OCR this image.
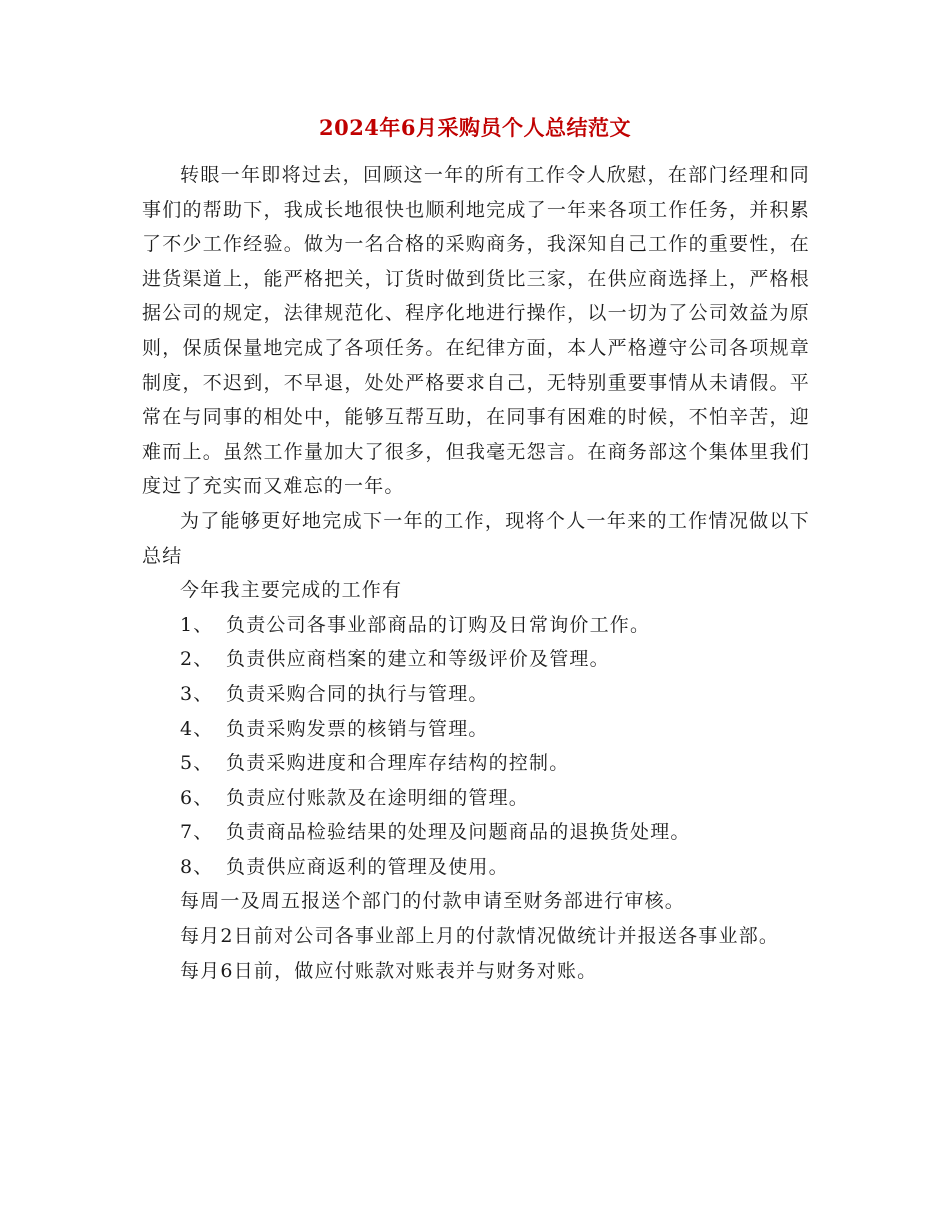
2024年6月采购员个人总结范文

转眼一年即将过去，回顾这一年的所有工作令人欣慰，在部门经理和同事们的帮助下，我成长地很快也顺利地完成了一年来各项工作任务，并积累了不少工作经验。做为一名合格的采购商务，我深知自己工作的重要性，在进货渠道上，能严格把关，订货时做到货比三家，在供应商选择上，严格根据公司的规定，法律规范化、程序化地进行操作，以一切为了公司效益为原则，保质保量地完成了各项任务。在纪律方面，本人严格遵守公司各项规章制度，不迟到，不早退，处处严格要求自己，无特别重要事情从未请假。平常在与同事的相处中，能够互帮互助，在同事有困难的时候，不怕辛苦，迎难而上。虽然工作量加大了很多，但我毫无怨言。在商务部这个集体里我们度过了充实而又难忘的一年。

为了能够更好地完成下一年的工作，现将个人一年来的工作情况做以下总结

今年我主要完成的工作有

1、 负责公司各事业部商品的订购及日常询价工作。
2、 负责供应商档案的建立和等级评价及管理。
3、 负责采购合同的执行与管理。
4、 负责采购发票的核销与管理。
5、 负责采购进度和合理库存结构的控制。
6、 负责应付账款及在途明细的管理。
7、 负责商品检验结果的处理及问题商品的退换货处理。
8、 负责供应商返利的管理及使用。

每周一及周五报送个部门的付款申请至财务部进行审核。

每月2日前对公司各事业部上月的付款情况做统计并报送各事业部。

每月6日前，做应付账款对账表并与财务对账。
